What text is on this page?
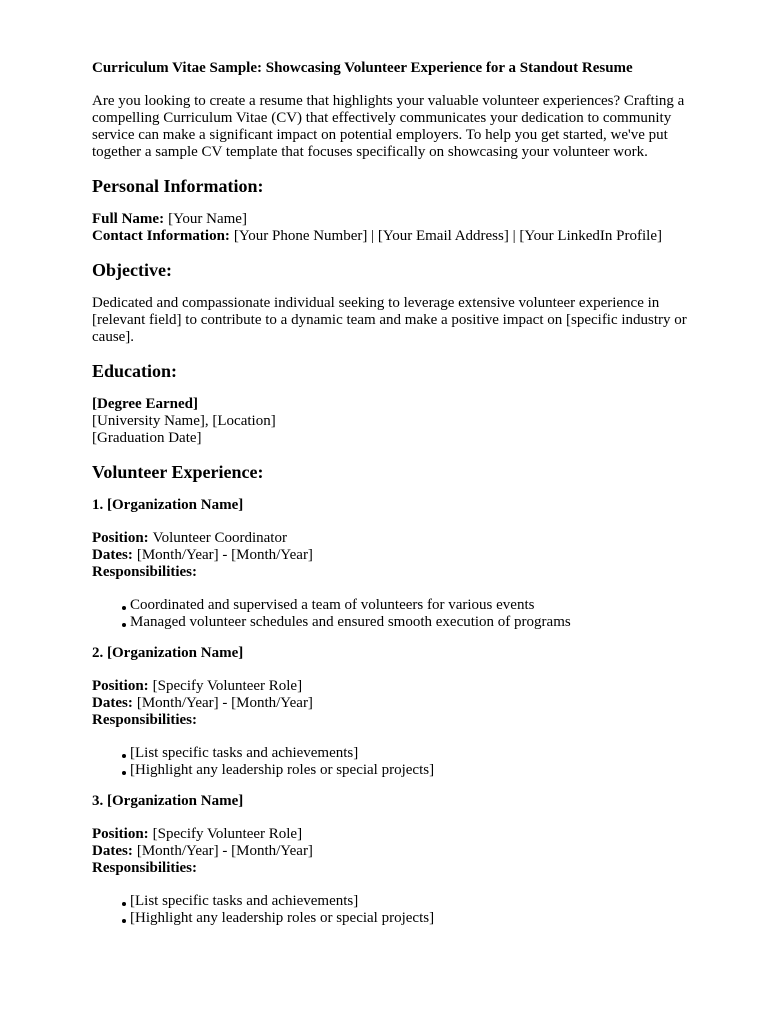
Curriculum Vitae Sample: Showcasing Volunteer Experience for a Standout Resume
Are you looking to create a resume that highlights your valuable volunteer experiences? Crafting a
compelling Curriculum Vitae (CV) that effectively communicates your dedication to community
service can make a significant impact on potential employers. To help you get started, we've put
together a sample CV template that focuses specifically on showcasing your volunteer work.
Personal Information:
Full Name: [Your Name]
Contact Information: [Your Phone Number] | [Your Email Address] | [Your LinkedIn Profile]
Objective:
Dedicated and compassionate individual seeking to leverage extensive volunteer experience in
[relevant field] to contribute to a dynamic team and make a positive impact on [specific industry or
cause].
Education:
[Degree Earned]
[University Name], [Location]
[Graduation Date]
Volunteer Experience:
1. [Organization Name]
Position: Volunteer Coordinator
Dates: [Month/Year] - [Month/Year]
Responsibilities:
Coordinated and supervised a team of volunteers for various events
Managed volunteer schedules and ensured smooth execution of programs
2. [Organization Name]
Position: [Specify Volunteer Role]
Dates: [Month/Year] - [Month/Year]
Responsibilities:
[List specific tasks and achievements]
[Highlight any leadership roles or special projects]
3. [Organization Name]
Position: [Specify Volunteer Role]
Dates: [Month/Year] - [Month/Year]
Responsibilities:
[List specific tasks and achievements]
[Highlight any leadership roles or special projects]
